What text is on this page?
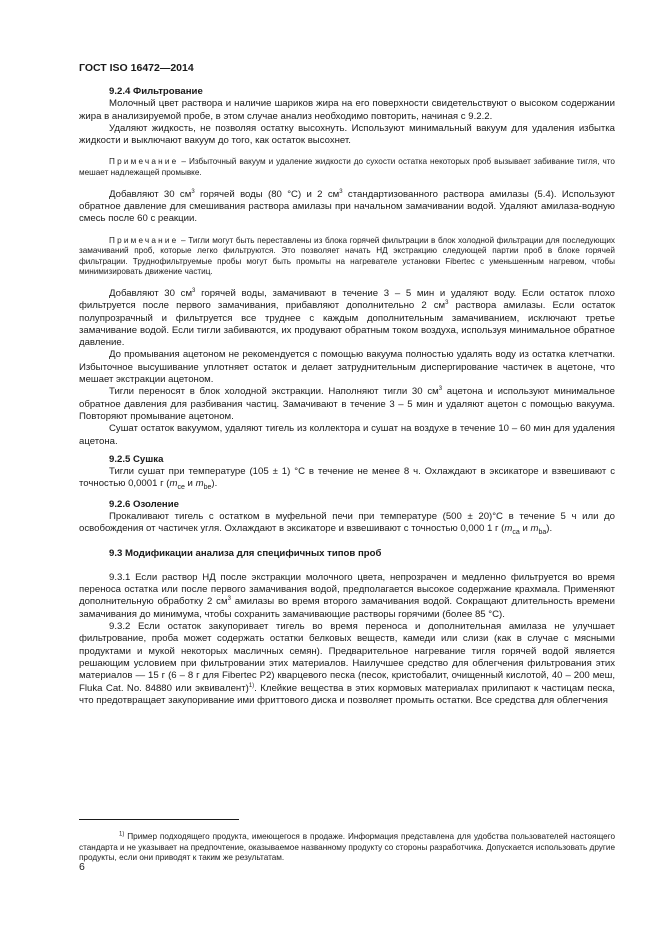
ГОСТ ISO 16472—2014

9.2.4 Фильтрование

Молочный цвет раствора и наличие шариков жира на его поверхности свидетельствуют о высоком содержании жира в анализируемой пробе, в этом случае анализ необходимо повторить, начиная с 9.2.2.

Удаляют жидкость, не позволяя остатку высохнуть. Используют минимальный вакуум для удаления избытка жидкости и выключают вакуум до того, как остаток высохнет.

Примечание – Избыточный вакуум и удаление жидкости до сухости остатка некоторых проб вызывает забивание тигля, что мешает надлежащей промывке.

Добавляют 30 $см^3$ горячей воды (80 °С) и 2 $см^3$ стандартизованного раствора амилазы (5.4). Используют обратное давление для смешивания раствора амилазы при начальном замачивании водой. Удаляют амилаза-водную смесь после 60 с реакции.

Примечание – Тигли могут быть переставлены из блока горячей фильтрации в блок холодной фильтрации для последующих замачиваний проб, которые легко фильтруются. Это позволяет начать НД экстракцию следующей партии проб в блоке горячей фильтрации. Труднофильтруемые пробы могут быть промыты на нагревателе установки Fibertec с уменьшенным нагревом, чтобы минимизировать движение частиц.

Добавляют 30 $см^3$ горячей воды, замачивают в течение 3 – 5 мин и удаляют воду. Если остаток плохо фильтруется после первого замачивания, прибавляют дополнительно 2 $см^3$ раствора амилазы. Если остаток полупрозрачный и фильтруется все труднее с каждым дополнительным замачиванием, исключают третье замачивание водой. Если тигли забиваются, их продувают обратным током воздуха, используя минимальное обратное давление.

До промывания ацетоном не рекомендуется с помощью вакуума полностью удалять воду из остатка клетчатки. Избыточное высушивание уплотняет остаток и делает затруднительным диспергирование частичек в ацетоне, что мешает экстракции ацетоном.

Тигли переносят в блок холодной экстракции. Наполняют тигли 30 $см^3$ ацетона и используют минимальное обратное давления для разбивания частиц. Замачивают в течение 3 – 5 мин и удаляют ацетон с помощью вакуума. Повторяют промывание ацетоном.

Сушат остаток вакуумом, удаляют тигель из коллектора и сушат на воздухе в течение 10 – 60 мин для удаления ацетона.

9.2.5 Сушка

Тигли сушат при температуре (105 ± 1) °С в течение не менее 8 ч. Охлаждают в эксикаторе и взвешивают с точностью 0,0001 г ($m_{ce}$ и $m_{be}$).

9.2.6 Озоление

Прокаливают тигель с остатком в муфельной печи при температуре (500 ± 20)°С в течение 5 ч или до освобождения от частичек угля. Охлаждают в эксикаторе и взвешивают с точностью 0,000 1 г ($m_{ca}$ и $m_{ba}$).

9.3 Модификации анализа для специфичных типов проб

9.3.1 Если раствор НД после экстракции молочного цвета, непрозрачен и медленно фильтруется во время переноса остатка или после первого замачивания водой, предполагается высокое содержание крахмала. Применяют дополнительную обработку 2 $см^3$ амилазы во время второго замачивания водой. Сокращают длительность времени замачивания до минимума, чтобы сохранить замачивающие растворы горячими (более 85 °С).

9.3.2 Если остаток закупоривает тигель во время переноса и дополнительная амилаза не улучшает фильтрование, проба может содержать остатки белковых веществ, камеди или слизи (как в случае с мясными продуктами и мукой некоторых масличных семян). Предварительное нагревание тигля горячей водой является решающим условием при фильтровании этих материалов. Наилучшее средство для облегчения фильтрования этих материалов — 15 г (6 – 8 г для Fibertec P2) кварцевого песка (песок, кристобалит, очищенный кислотой, 40 – 200 меш, Fluka Cat. No. 84880 или эквивалент)$^{1)}$. Клейкие вещества в этих кормовых материалах прилипают к частицам песка, что предотвращает закупоривание ими фриттового диска и позволяет промыть остатки. Все средства для облегчения

$^{1)}$ Пример подходящего продукта, имеющегося в продаже. Информация представлена для удобства пользователей настоящего стандарта и не указывает на предпочтение, оказываемое названному продукту со стороны разработчика. Допускается использовать другие продукты, если они приводят к таким же результатам.

6
